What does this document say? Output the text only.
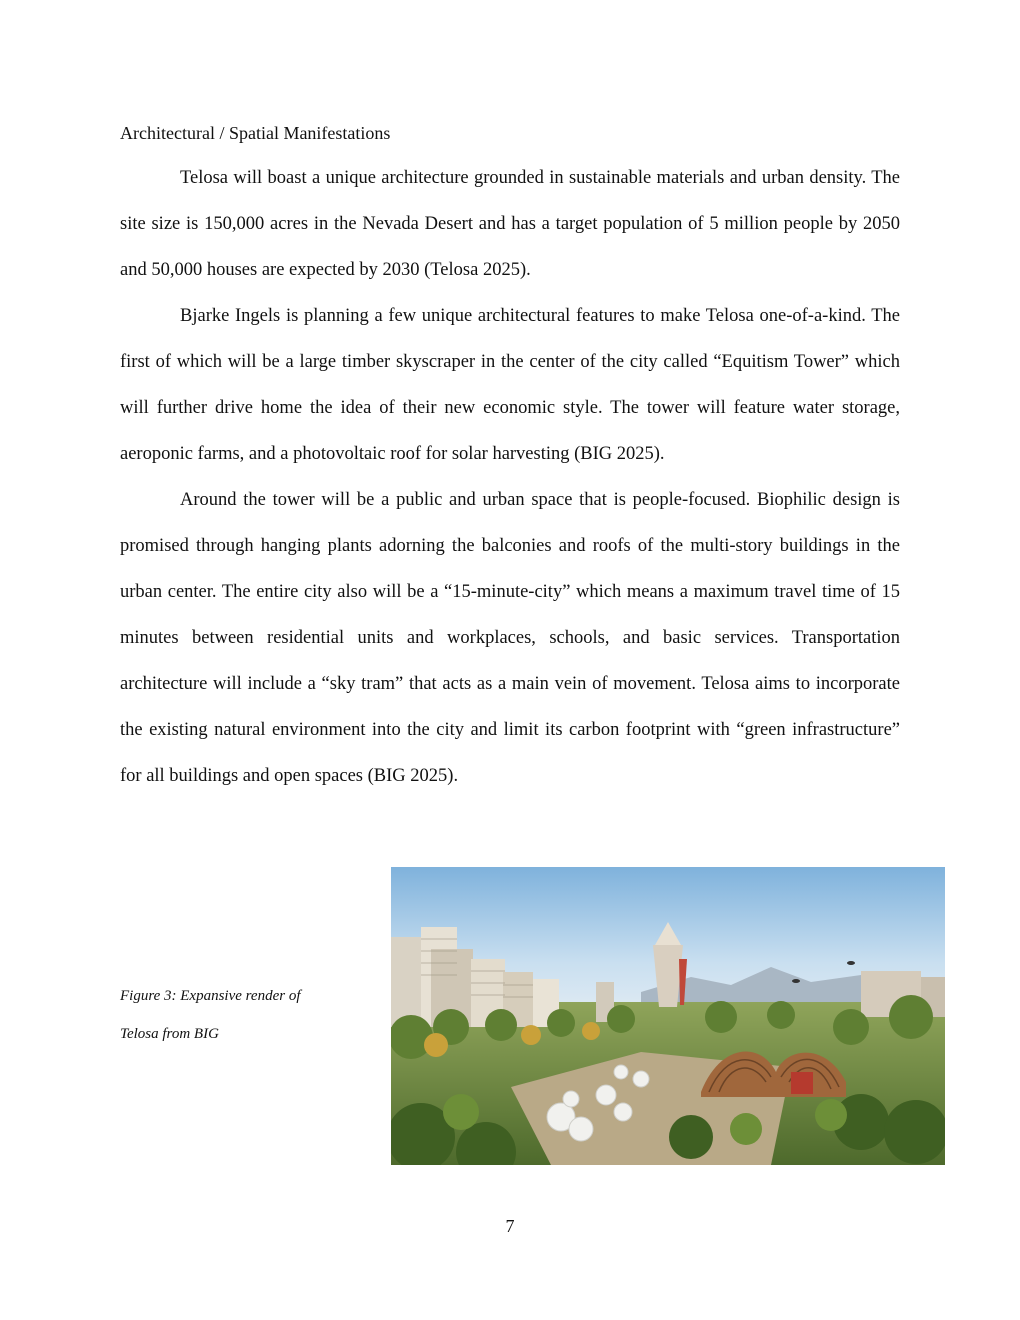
Architectural / Spatial Manifestations

Telosa will boast a unique architecture grounded in sustainable materials and urban density. The site size is 150,000 acres in the Nevada Desert and has a target population of 5 million people by 2050 and 50,000 houses are expected by 2030 (Telosa 2025).

Bjarke Ingels is planning a few unique architectural features to make Telosa one-of-a-kind. The first of which will be a large timber skyscraper in the center of the city called “Equitism Tower” which will further drive home the idea of their new economic style. The tower will feature water storage, aeroponic farms, and a photovoltaic roof for solar harvesting (BIG 2025).

Around the tower will be a public and urban space that is people-focused. Biophilic design is promised through hanging plants adorning the balconies and roofs of the multi-story buildings in the urban center. The entire city also will be a “15-minute-city” which means a maximum travel time of 15 minutes between residential units and workplaces, schools, and basic services. Transportation architecture will include a “sky tram” that acts as a main vein of movement. Telosa aims to incorporate the existing natural environment into the city and limit its carbon footprint with “green infrastructure” for all buildings and open spaces (BIG 2025).

Figure 3: Expansive render of
Telosa from BIG
7
